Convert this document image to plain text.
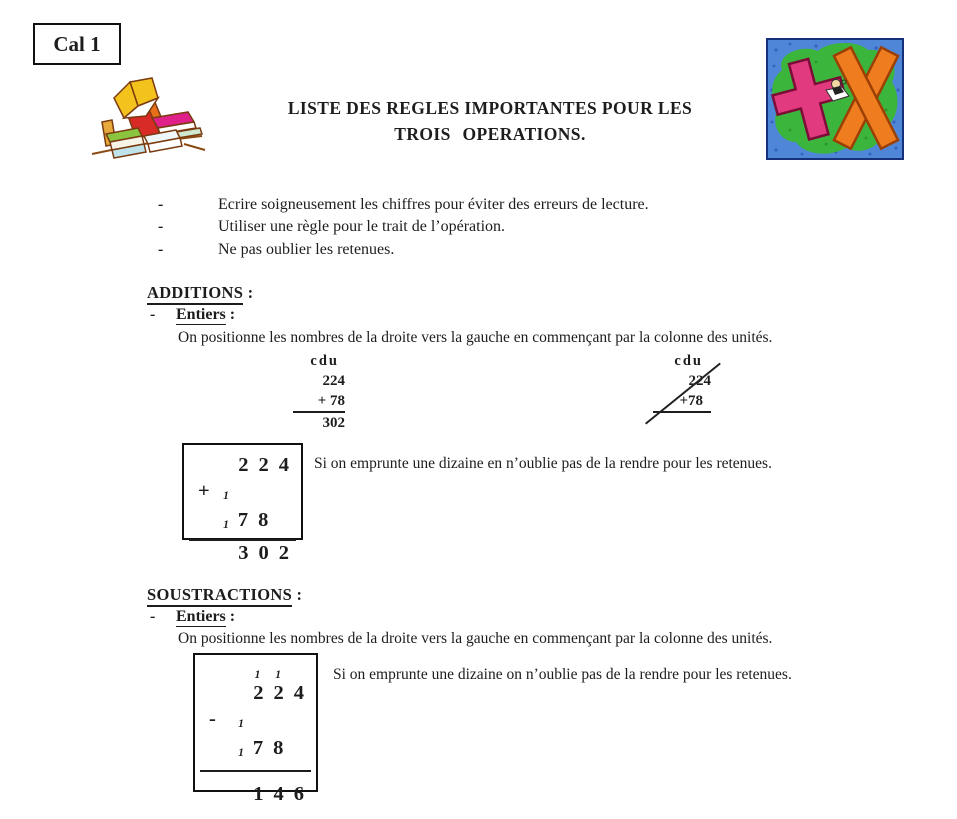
Cal 1
LISTE DES REGLES IMPORTANTES POUR LES
TROIS OPERATIONS.
-	Ecrire soigneusement les chiffres pour éviter des erreurs de lecture.
-	Utiliser une règle pour le trait de l’opération.
-	Ne pas oublier les retenues.
ADDITIONS :
-	Entiers :
On positionne les nombres de la droite vers la gauche en commençant par la colonne des unités.
cdu
224
+ 78
302
cdu
224
+78
224
+ 1 1 78
302
Si on emprunte une dizaine en n’oublie pas de la rendre pour les retenues.
SOUSTRACTIONS :
-	Entiers :
On positionne les nombres de la droite vers la gauche en commençant par la colonne des unités.
1 1
224
- 1 1 78
146
Si on emprunte une dizaine on n’oublie pas de la rendre pour les retenues.
